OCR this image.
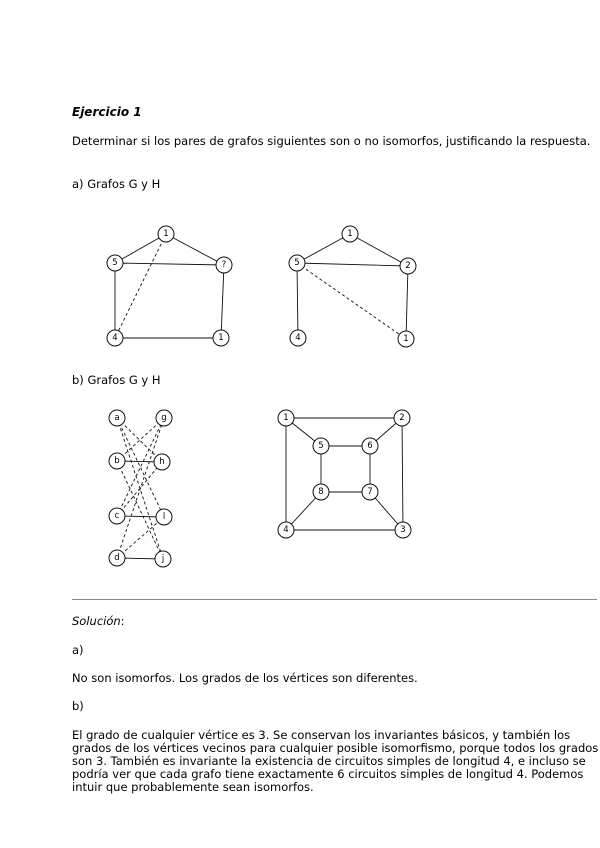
Ejercicio 1
Determinar si los pares de grafos siguientes son o no isomorfos, justificando la respuesta.
a) Grafos G y H
1
5	?
4	1
1
5	2
4	1
b) Grafos G y H
a	g
b	h
c	l
d	j
1	2
5	6
8	7
4	3
Solución:
a)
No son isomorfos. Los grados de los vértices son diferentes.
b)
El grado de cualquier vértice es 3. Se conservan los invariantes básicos, y también los grados de los vértices vecinos para cualquier posible isomorfismo, porque todos los grados son 3. También es invariante la existencia de circuitos simples de longitud 4, e incluso se podría ver que cada grafo tiene exactamente 6 circuitos simples de longitud 4. Podemos intuir que probablemente sean isomorfos.
